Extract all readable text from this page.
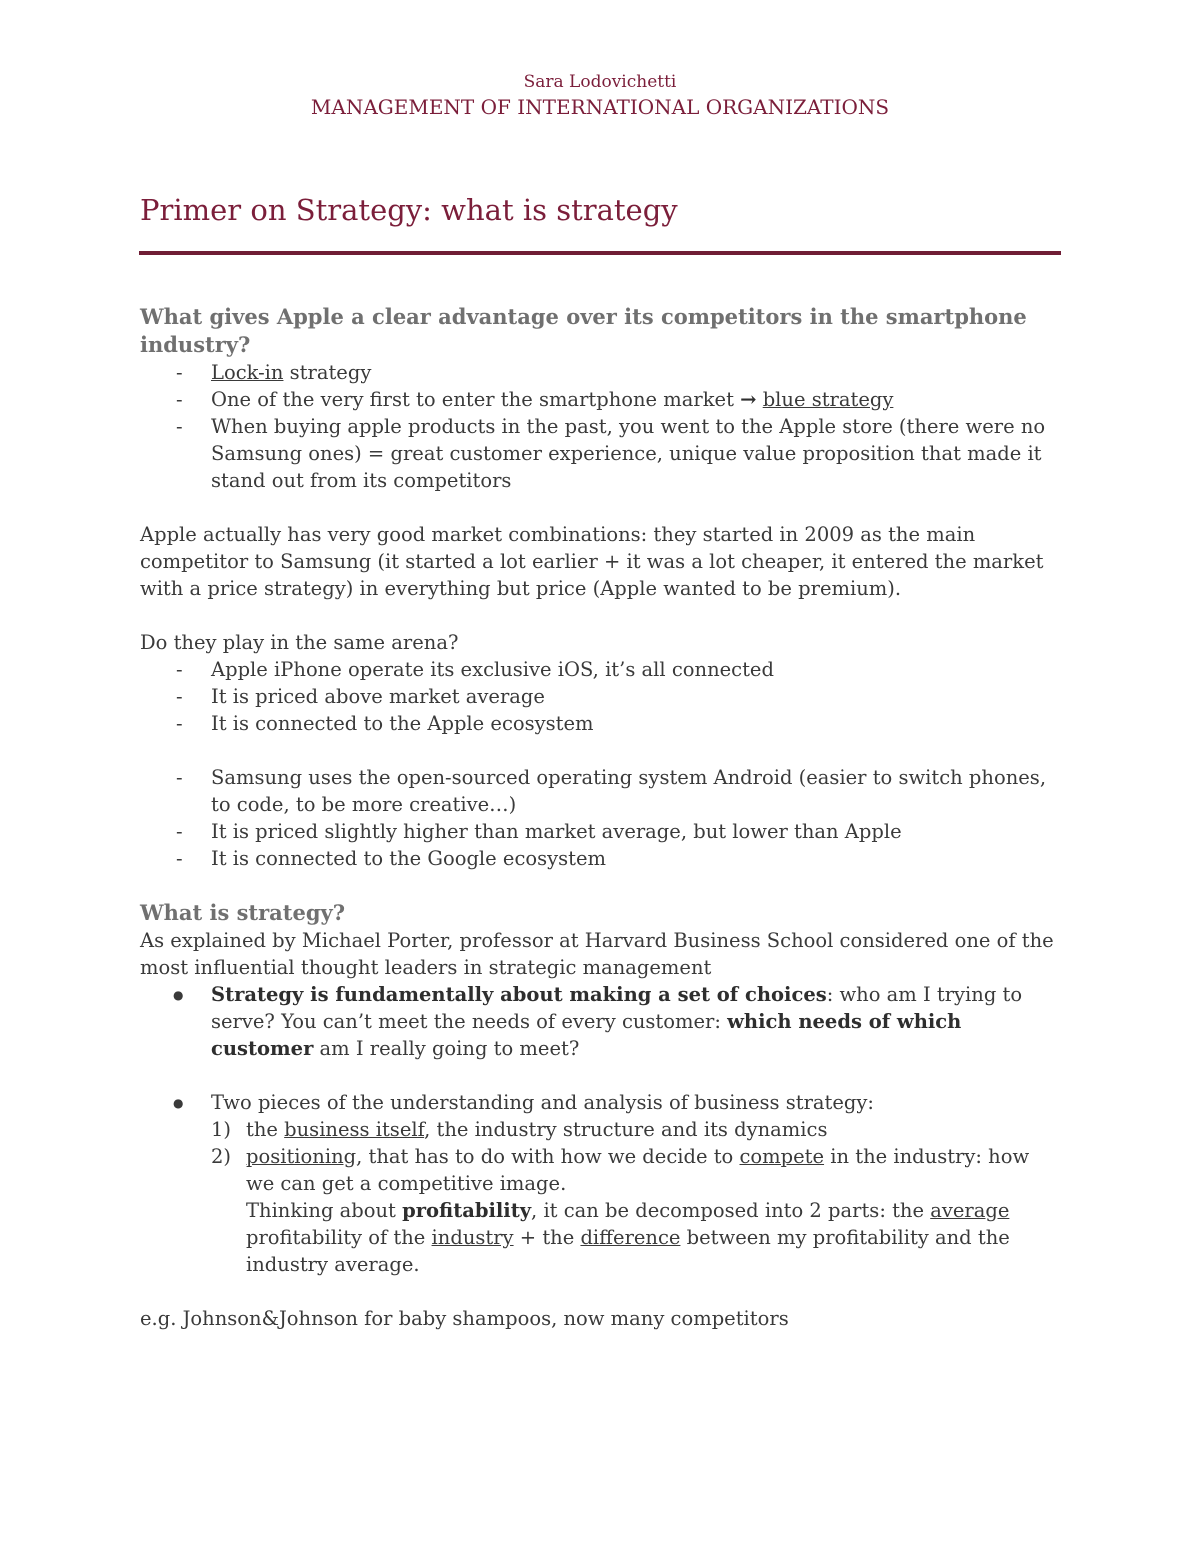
Sara Lodovichetti
MANAGEMENT OF INTERNATIONAL ORGANIZATIONS
Primer on Strategy: what is strategy

What gives Apple a clear advantage over its competitors in the smartphone industry?

- Lock-in strategy
- One of the very first to enter the smartphone market → blue strategy
- When buying apple products in the past, you went to the Apple store (there were no Samsung ones) = great customer experience, unique value proposition that made it stand out from its competitors

Apple actually has very good market combinations: they started in 2009 as the main competitor to Samsung (it started a lot earlier + it was a lot cheaper, it entered the market with a price strategy) in everything but price (Apple wanted to be premium).

Do they play in the same arena?

- Apple iPhone operate its exclusive iOS, it’s all connected
- It is priced above market average
- It is connected to the Apple ecosystem
- Samsung uses the open-sourced operating system Android (easier to switch phones, to code, to be more creative…)
- It is priced slightly higher than market average, but lower than Apple
- It is connected to the Google ecosystem

What is strategy?

As explained by Michael Porter, professor at Harvard Business School considered one of the most influential thought leaders in strategic management

● Strategy is fundamentally about making a set of choices: who am I trying to serve? You can’t meet the needs of every customer: which needs of which customer am I really going to meet?
● Two pieces of the understanding and analysis of business strategy:
1) the business itself, the industry structure and its dynamics
2) positioning, that has to do with how we decide to compete in the industry: how we can get a competitive image.
Thinking about profitability, it can be decomposed into 2 parts: the average profitability of the industry + the difference between my profitability and the industry average.

e.g. Johnson&Johnson for baby shampoos, now many competitors
